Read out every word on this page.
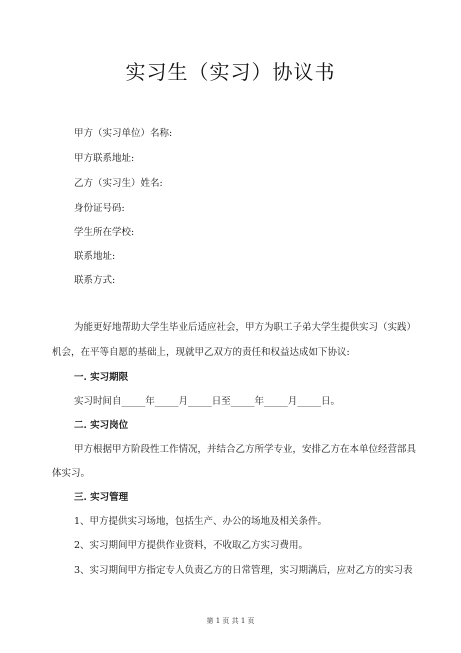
实习生（实习）协议书
甲方（实习单位）名称:
甲方联系地址:
乙方（实习生）姓名:
身份证号码:
学生所在学校:
联系地址:
联系方式:
为能更好地帮助大学生毕业后适应社会，甲方为职工子弟大学生提供实习（实践）
机会，在平等自愿的基础上，现就甲乙双方的责任和权益达成如下协议:
一. 实习期限
实习时间自_____年_____月_____日至_____年_____月_____日。
二. 实习岗位
甲方根据甲方阶段性工作情况，并结合乙方所学专业，安排乙方在本单位经营部具
体实习。
三. 实习管理
1、甲方提供实习场地，包括生产、办公的场地及相关条件。
2、实习期间甲方提供作业资料，不收取乙方实习费用。
3、实习期间甲方指定专人负责乙方的日常管理，实习期满后，应对乙方的实习表
第 1 页 共 1 页
